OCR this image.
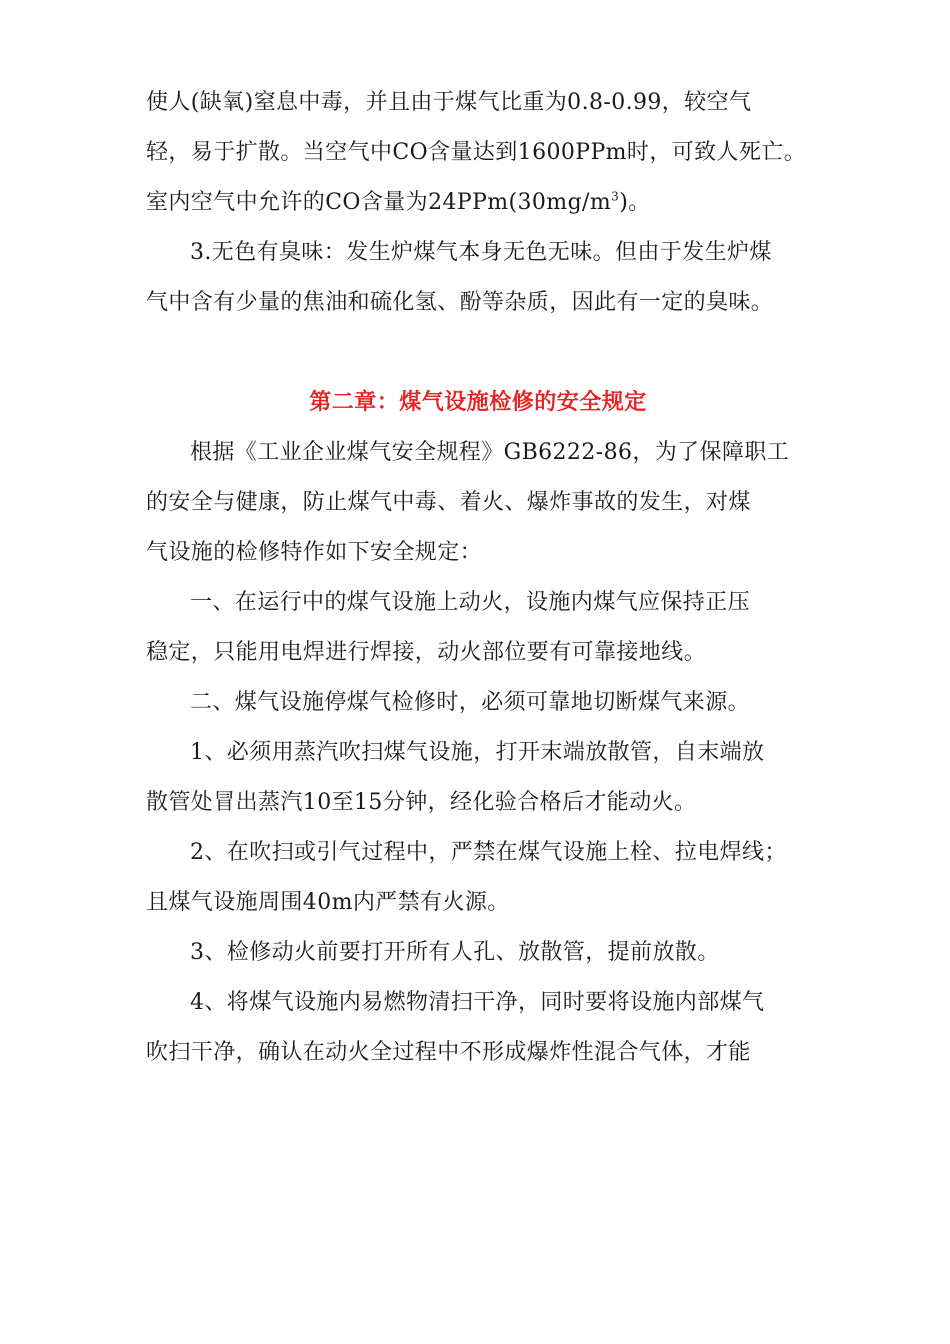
使人(缺氧)窒息中毒，并且由于煤气比重为0.8-0.99，较空气
轻，易于扩散。当空气中CO含量达到1600PPm时，可致人死亡。
室内空气中允许的CO含量为$24PPm(30mg/m^3)$。

3.无色有臭味：发生炉煤气本身无色无味。但由于发生炉煤
气中含有少量的焦油和硫化氢、酚等杂质，因此有一定的臭味。

第二章：煤气设施检修的安全规定

根据《工业企业煤气安全规程》GB6222-86，为了保障职工
的安全与健康，防止煤气中毒、着火、爆炸事故的发生，对煤
气设施的检修特作如下安全规定：

一、在运行中的煤气设施上动火，设施内煤气应保持正压
稳定，只能用电焊进行焊接，动火部位要有可靠接地线。

二、煤气设施停煤气检修时，必须可靠地切断煤气来源。

1、必须用蒸汽吹扫煤气设施，打开末端放散管，自末端放
散管处冒出蒸汽10至15分钟，经化验合格后才能动火。

2、在吹扫或引气过程中，严禁在煤气设施上栓、拉电焊线；
且煤气设施周围40m内严禁有火源。

3、检修动火前要打开所有人孔、放散管，提前放散。

4、将煤气设施内易燃物清扫干净，同时要将设施内部煤气
吹扫干净，确认在动火全过程中不形成爆炸性混合气体，才能
